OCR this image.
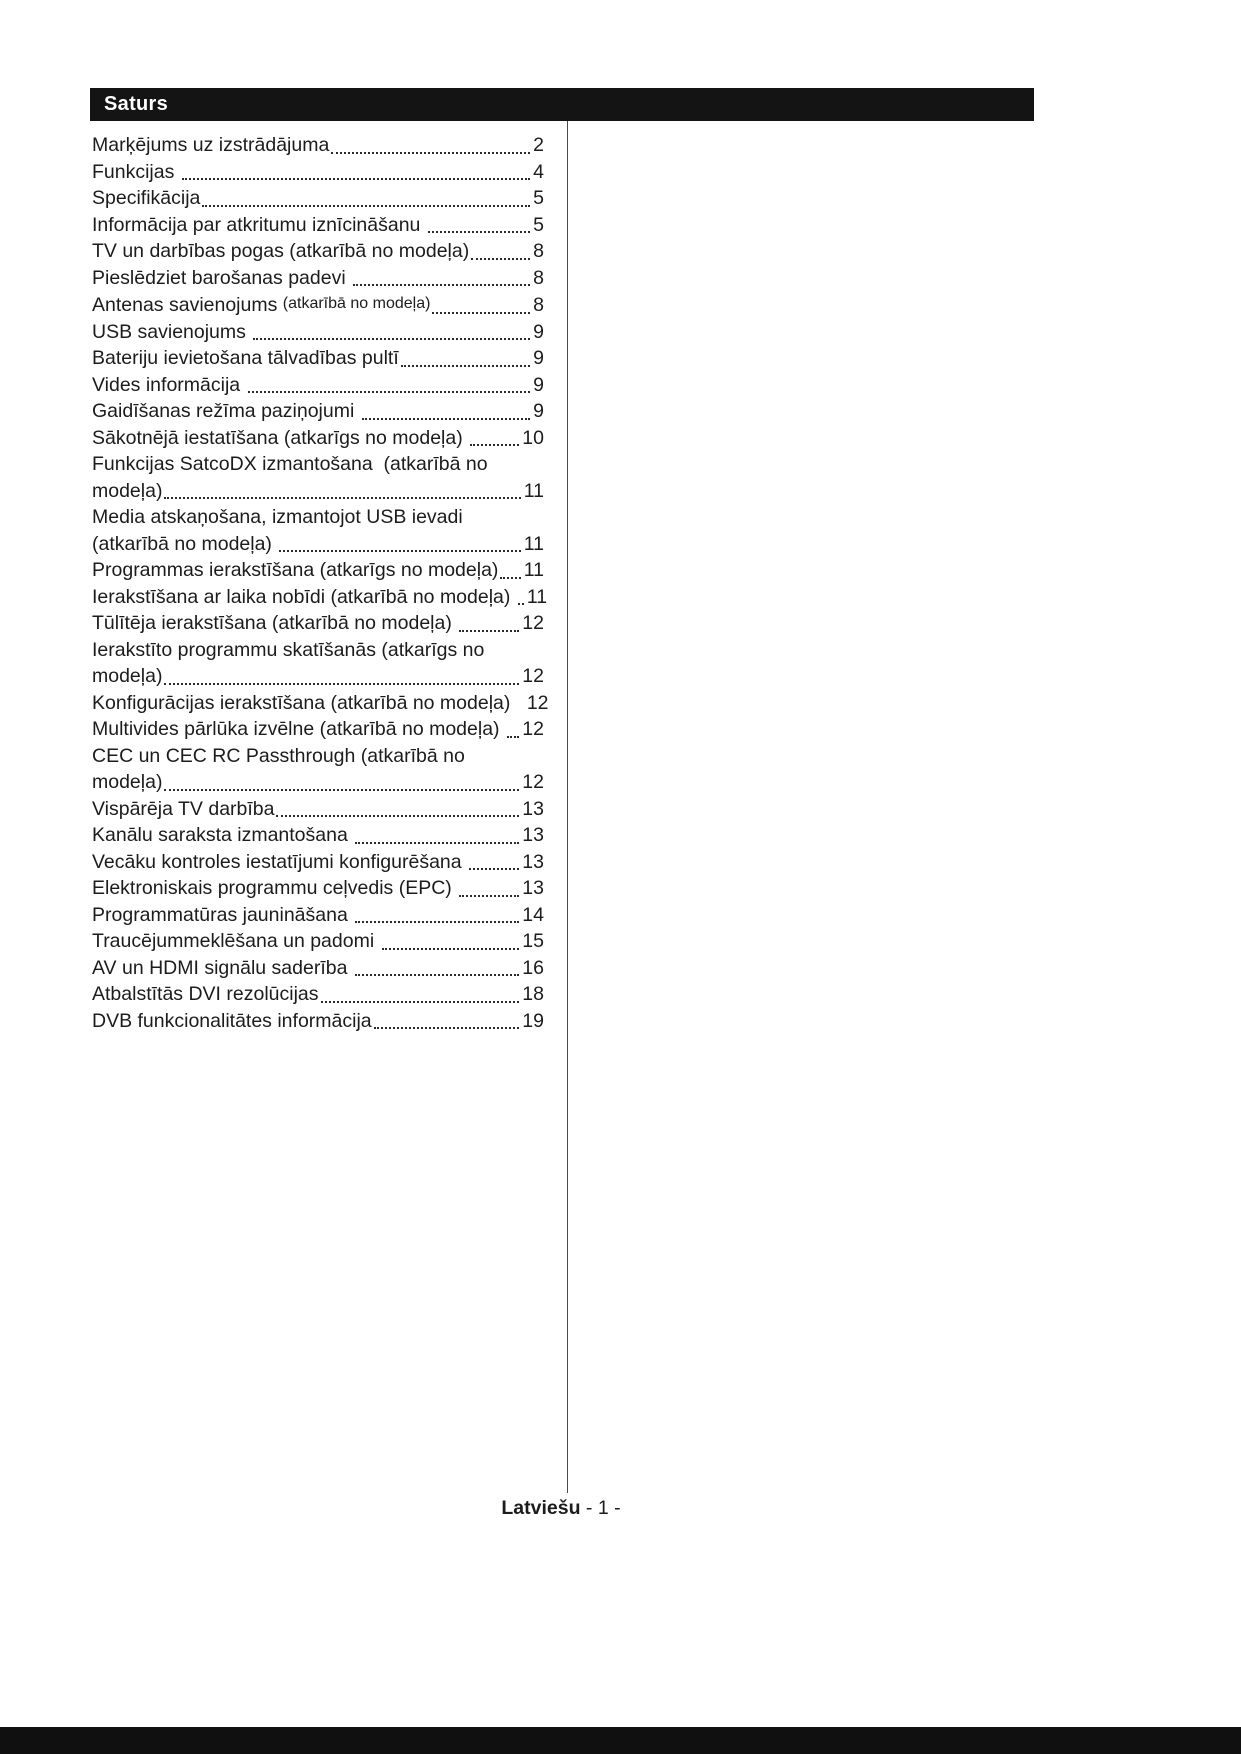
Saturs
Marķējums uz izstrādājuma	2
Funkcijas	4
Specifikācija	5
Informācija par atkritumu iznīcināšanu	5
TV un darbības pogas (atkarībā no modeļa)	8
Pieslēdziet barošanas padevi	8
Antenas savienojums (atkarībā no modeļa)	8
USB savienojums	9
Bateriju ievietošana tālvadības pultī	9
Vides informācija	9
Gaidīšanas režīma paziņojumi	9
Sākotnējā iestatīšana (atkarīgs no modeļa)	10
Funkcijas SatcoDX izmantošana  (atkarībā no
modeļa)	11
Media atskaņošana, izmantojot USB ievadi
(atkarībā no modeļa)	11
Programmas ierakstīšana (atkarīgs no modeļa) 11
Ierakstīšana ar laika nobīdi (atkarībā no modeļa) 11
Tūlītēja ierakstīšana (atkarībā no modeļa)	12
Ierakstīto programmu skatīšanās (atkarīgs no
modeļa)	12
Konfigurācijas ierakstīšana (atkarībā no modeļa) 12
Multivides pārlūka izvēlne (atkarībā no modeļa) 12
CEC un CEC RC Passthrough (atkarībā no
modeļa)	12
Vispārēja TV darbība	13
Kanālu saraksta izmantošana	13
Vecāku kontroles iestatījumi konfigurēšana	13
Elektroniskais programmu ceļvedis (EPC)	13
Programmatūras jaunināšana	14
Traucējummeklēšana un padomi	15
AV un HDMI signālu saderība	16
Atbalstītās DVI rezolūcijas	18
DVB funkcionalitātes informācija	19
Latviešu - 1 -
